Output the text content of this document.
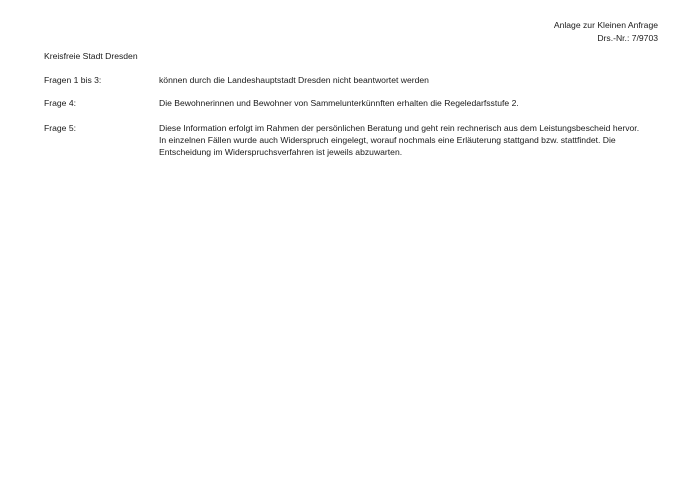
Anlage zur Kleinen Anfrage
Drs.-Nr.: 7/9703
Kreisfreie Stadt Dresden
Fragen 1 bis 3:	können durch die Landeshauptstadt Dresden nicht beantwortet werden
Frage 4:	Die Bewohnerinnen und Bewohner von Sammelunterkünnften erhalten die Regeledarfsstufe 2.
Frage 5:	Diese Information erfolgt im Rahmen der persönlichen Beratung und geht rein rechnerisch aus dem Leistungsbescheid hervor.
In einzelnen Fällen wurde auch Widerspruch eingelegt, worauf nochmals eine Erläuterung stattgand bzw. stattfindet. Die
Entscheidung im Widerspruchsverfahren ist jeweils abzuwarten.
